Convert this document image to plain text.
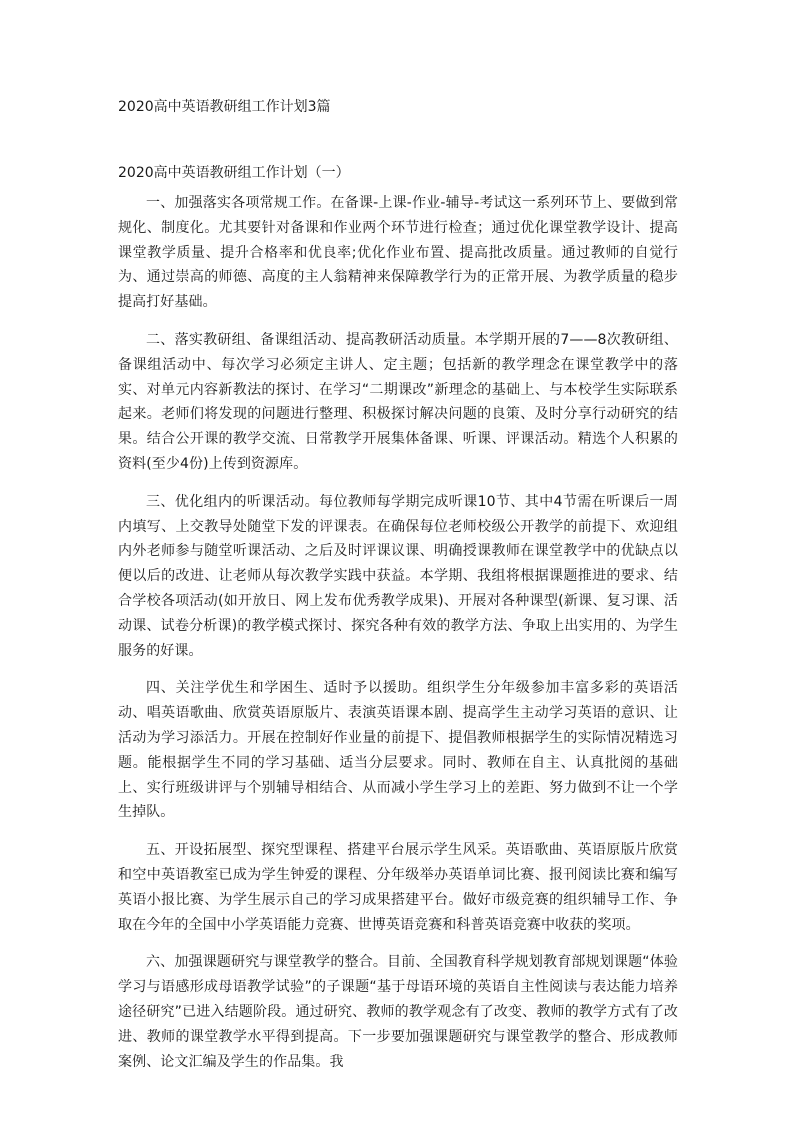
2020高中英语教研组工作计划3篇
2020高中英语教研组工作计划（一）

一、加强落实各项常规工作。在备课-上课-作业-辅导-考试这一系列环节上、要做到常规化、制度化。尤其要针对备课和作业两个环节进行检查；通过优化课堂教学设计、提高课堂教学质量、提升合格率和优良率;优化作业布置、提高批改质量。通过教师的自觉行为、通过崇高的师德、高度的主人翁精神来保障教学行为的正常开展、为教学质量的稳步提高打好基础。

二、落实教研组、备课组活动、提高教研活动质量。本学期开展的7——8次教研组、备课组活动中、每次学习必须定主讲人、定主题；包括新的教学理念在课堂教学中的落实、对单元内容新教法的探讨、在学习“二期课改”新理念的基础上、与本校学生实际联系起来。老师们将发现的问题进行整理、积极探讨解决问题的良策、及时分享行动研究的结果。结合公开课的教学交流、日常教学开展集体备课、听课、评课活动。精选个人积累的资料(至少4份)上传到资源库。

三、优化组内的听课活动。每位教师每学期完成听课10节、其中4节需在听课后一周内填写、上交教导处随堂下发的评课表。在确保每位老师校级公开教学的前提下、欢迎组内外老师参与随堂听课活动、之后及时评课议课、明确授课教师在课堂教学中的优缺点以便以后的改进、让老师从每次教学实践中获益。本学期、我组将根据课题推进的要求、结合学校各项活动(如开放日、网上发布优秀教学成果)、开展对各种课型(新课、复习课、活动课、试卷分析课)的教学模式探讨、探究各种有效的教学方法、争取上出实用的、为学生服务的好课。

四、关注学优生和学困生、适时予以援助。组织学生分年级参加丰富多彩的英语活动、唱英语歌曲、欣赏英语原版片、表演英语课本剧、提高学生主动学习英语的意识、让活动为学习添活力。开展在控制好作业量的前提下、提倡教师根据学生的实际情况精选习题。能根据学生不同的学习基础、适当分层要求。同时、教师在自主、认真批阅的基础上、实行班级讲评与个别辅导相结合、从而减小学生学习上的差距、努力做到不让一个学生掉队。

五、开设拓展型、探究型课程、搭建平台展示学生风采。英语歌曲、英语原版片欣赏和空中英语教室已成为学生钟爱的课程、分年级举办英语单词比赛、报刊阅读比赛和编写英语小报比赛、为学生展示自己的学习成果搭建平台。做好市级竞赛的组织辅导工作、争取在今年的全国中小学英语能力竞赛、世博英语竞赛和科普英语竞赛中收获的奖项。

六、加强课题研究与课堂教学的整合。目前、全国教育科学规划教育部规划课题“体验学习与语感形成母语教学试验”的子课题“基于母语环境的英语自主性阅读与表达能力培养途径研究”已进入结题阶段。通过研究、教师的教学观念有了改变、教师的教学方式有了改进、教师的课堂教学水平得到提高。下一步要加强课题研究与课堂教学的整合、形成教师案例、论文汇编及学生的作品集。我
